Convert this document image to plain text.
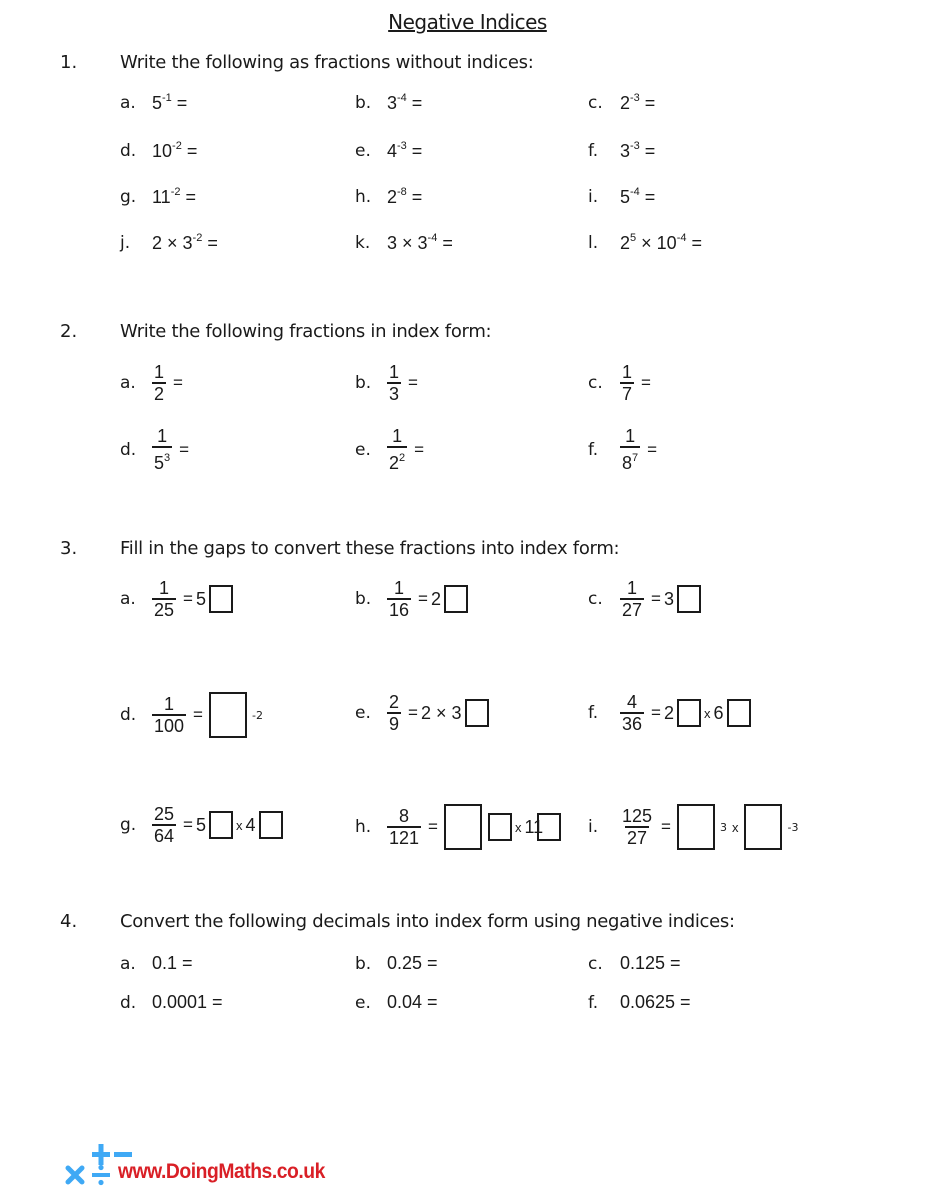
Negative Indices
1. Write the following as fractions without indices:
a. $5^{-1}$ =	b. $3^{-4}$ =	c. $2^{-3}$ =
d. $10^{-2}$ =	e. $4^{-3}$ =	f.	$3^{-3}$ =
g. $11^{-2}$ =	h. $2^{-8}$ =	i.	$5^{-4}$ =
j.	$2 \times 3^{-2}$ =	k. $3 \times 3^{-4}$ =	l.	$2^5 \times 10^{-4}$ =
2. Write the following fractions in index form:
a. $\frac{1}{2}$ =	b. $\frac{1}{3}$ =	c. $\frac{1}{7}$ =
d. $\frac{1}{5^3}$ =	e. $\frac{1}{2^2}$ =	f.	$\frac{1}{8^7}$ =
3. Fill in the gaps to convert these fractions into index form:
a. $\frac{1}{25} = 5$	b. $\frac{1}{16} = 2$	c. $\frac{1}{27} = 3$
d. $\frac{1}{100}$ =	-2	e. $\frac{2}{9} = 2 \times 3$	f.	$\frac{4}{36} = 2$ x 6
g. $\frac{25}{64} = 5$ x 4	h. $\frac{8}{121}$ =	x 11	i.	$\frac{125}{27}$ =	3 x	-3
4. Convert the following decimals into index form using negative indices:
a. 0.1 =	b. 0.25 =	c. 0.125 =
d. 0.0001 =	e. 0.04 =	f.	0.0625 =
www.DoingMaths.co.uk
